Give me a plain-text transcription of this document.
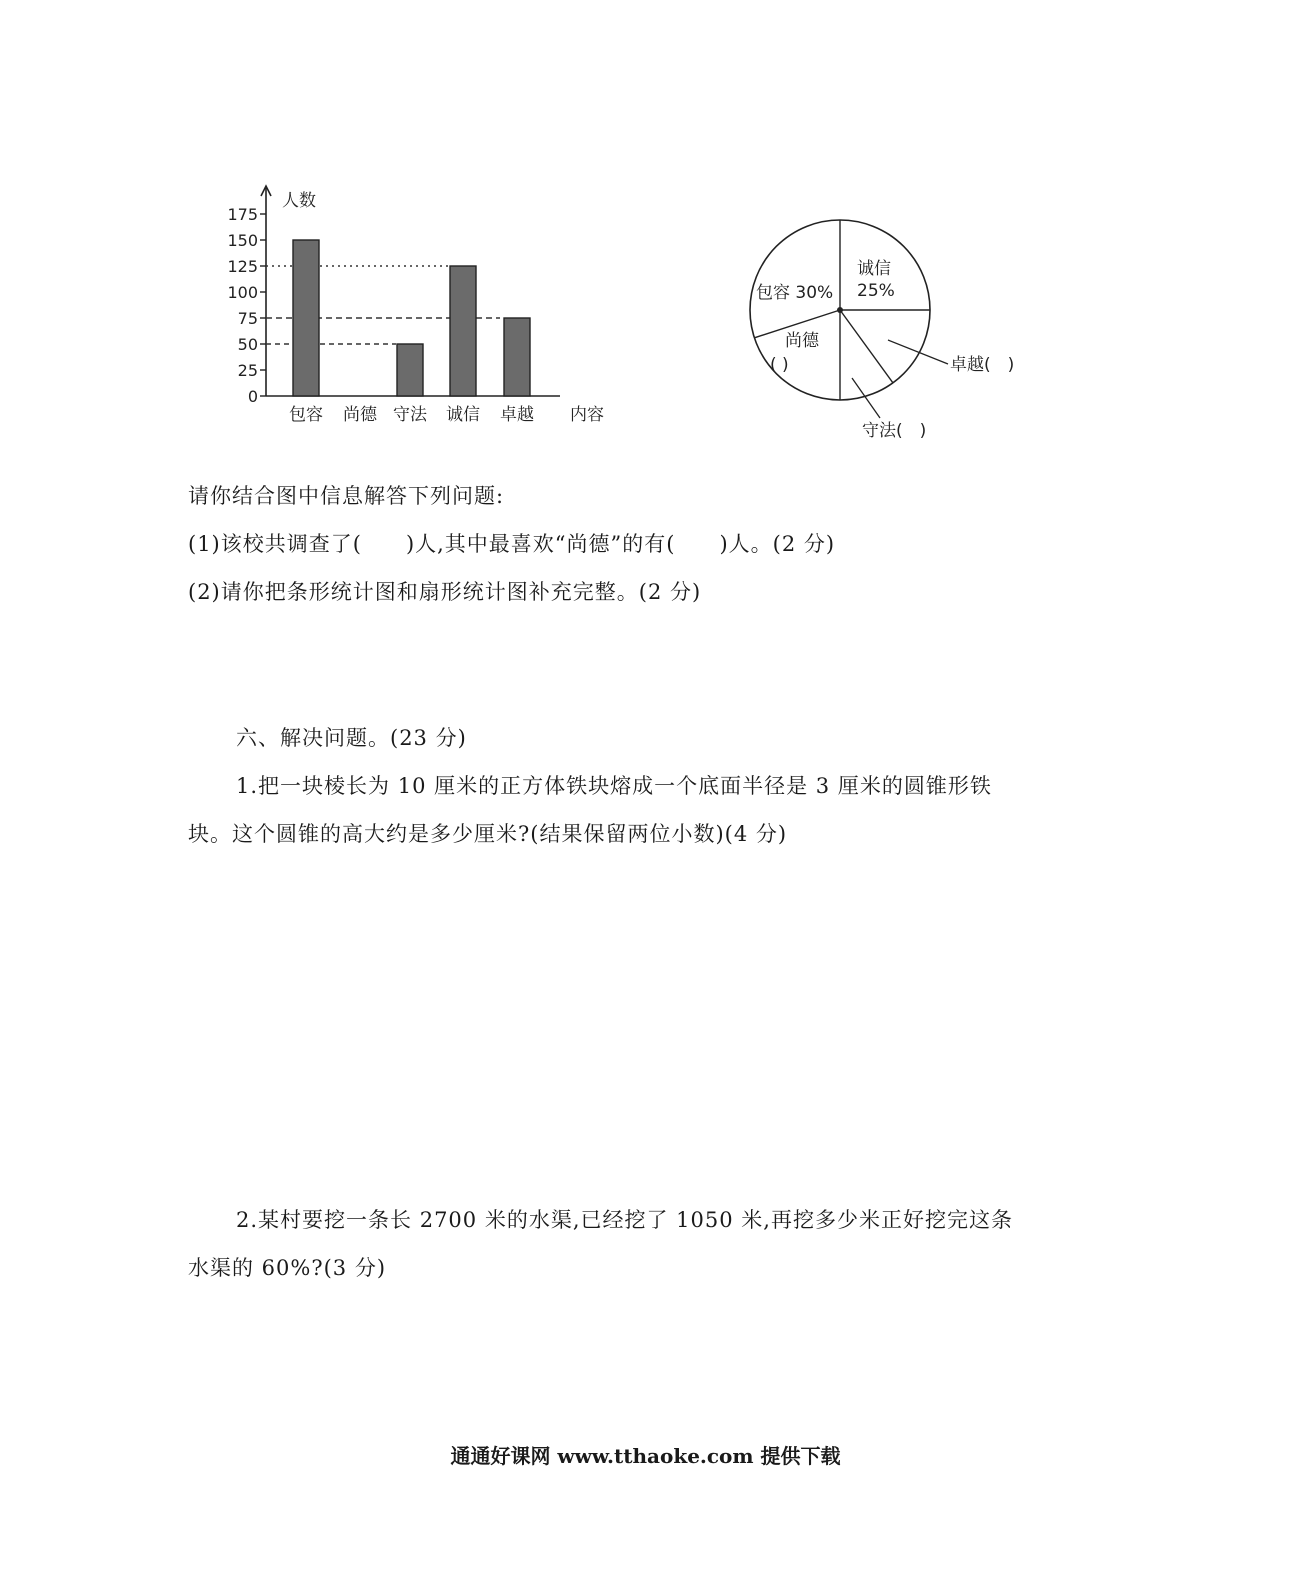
人数
内容
0
25
50
75
100
125
150
175
包容 尚德 守法 诚信 卓越
诚信
25%
包容 30%
尚德
( )	卓越(　)
守法(　)
请你结合图中信息解答下列问题:
(1)该校共调查了(　　)人,其中最喜欢“尚德”的有(　　)人。(2 分)
(2)请你把条形统计图和扇形统计图补充完整。(2 分)
六、解决问题。(23 分)
1.把一块棱长为 10 厘米的正方体铁块熔成一个底面半径是 3 厘米的圆锥形铁
块。这个圆锥的高大约是多少厘米?(结果保留两位小数)(4 分)
2.某村要挖一条长 2700 米的水渠,已经挖了 1050 米,再挖多少米正好挖完这条
水渠的 60%?(3 分)
通通好课网 www.tthaoke.com 提供下载
